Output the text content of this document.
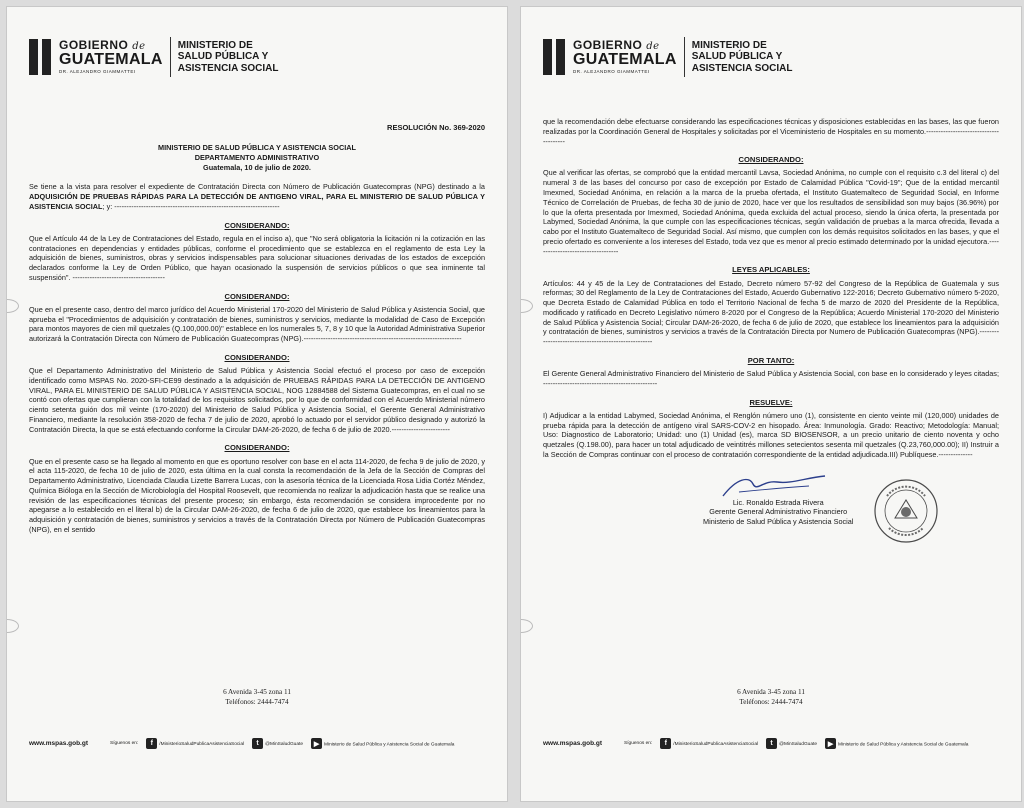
GOBIERNO de
GUATEMALA
DR. ALEJANDRO GIAMMATTEI
MINISTERIO DE
SALUD PÚBLICA Y
ASISTENCIA SOCIAL
RESOLUCIÓN No. 369-2020
MINISTERIO DE SALUD PÚBLICA Y ASISTENCIA SOCIAL
DEPARTAMENTO ADMINISTRATIVO
Guatemala, 10 de julio de 2020.
Se tiene a la vista para resolver el expediente de Contratación Directa con Número de Publicación Guatecompras (NPG) destinado a la ADQUISICIÓN DE PRUEBAS RÁPIDAS PARA LA DETECCIÓN DE ANTIGENO VIRAL, PARA EL MINISTERIO DE SALUD PÚBLICA Y ASISTENCIA SOCIAL; y: --------------------------------------------------------------------
CONSIDERANDO:
Que el Artículo 44 de la Ley de Contrataciones del Estado, regula en el inciso a), que "No será obligatoria la licitación ni la cotización en las contrataciones en dependencias y entidades públicas, conforme el procedimiento que se establezca en el reglamento de esta Ley la adquisición de bienes, suministros, obras y servicios indispensables para solucionar situaciones derivadas de los estados de excepción declarados conforme la Ley de Orden Público, que hayan ocasionado la suspensión de servicios públicos o que sea inminente tal suspensión". --------------------------------------
CONSIDERANDO:
Que en el presente caso, dentro del marco jurídico del Acuerdo Ministerial 170-2020 del Ministerio de Salud Pública y Asistencia Social, que aprueba el "Procedimientos de adquisición y contratación de bienes, suministros y servicios, mediante la modalidad de Caso de Excepción para montos mayores de cien mil quetzales (Q.100,000.00)" establece en los numerales 5, 7, 8 y 10 que la Autoridad Administrativa Superior autorizará la Contratación Directa con Número de Publicación Guatecompras (NPG).-----------------------------------------------------------------
CONSIDERANDO:
Que el Departamento Administrativo del Ministerio de Salud Pública y Asistencia Social efectuó el proceso por caso de excepción identificado como MSPAS No. 2020-SFI-CE99 destinado a la adquisición de PRUEBAS RÁPIDAS PARA LA DETECCIÓN DE ANTIGENO VIRAL, PARA EL MINISTERIO DE SALUD PÚBLICA Y ASISTENCIA SOCIAL, NOG 12884588 del Sistema Guatecompras, en el cual no se contó con ofertas que cumplieran con la totalidad de los requisitos solicitados, por lo que de conformidad con el Acuerdo Ministerial número ciento setenta guión dos mil veinte (170-2020) del Ministerio de Salud Pública y Asistencia Social, el Gerente General Administrativo Financiero, mediante la resolución 358-2020 de fecha 7 de julio de 2020, aprobó lo actuado por el servidor público designado y autorizó la Contratación Directa, la que se está efectuando conforme la Circular DAM-26-2020, de fecha 6 de julio de 2020.------------------------
CONSIDERANDO:
Que en el presente caso se ha llegado al momento en que es oportuno resolver con base en el acta 114-2020, de fecha 9 de julio de 2020, y el acta 115-2020, de fecha 10 de julio de 2020, esta última en la cual consta la recomendación de la Jefa de la Sección de Compras del Departamento Administrativo, Licenciada Claudia Lizette Barrera Lucas, con la asesoría técnica de la Licenciada Rosa Lidia Cortéz Méndez, Química Bióloga en la Sección de Microbiología del Hospital Roosevelt, que recomienda no realizar la adjudicación hasta que se realice una revisión de las especificaciones técnicas del presente proceso; sin embargo, ésta recomendación se considera improcedente por no apegarse a lo establecido en el literal b) de la Circular DAM-26-2020, de fecha 6 de julio de 2020, que establece los lineamientos para la adquisición y contratación de bienes, suministros y servicios a través de la Contratación Directa por Número de Publicación Guatecompras (NPG), en el sentido
6 Avenida 3-45 zona 11
Teléfonos: 2444-7474
www.mspas.gob.gt	Síguenos en:	f /MinisterioSaludPublicaAsistenciaSocial	t @MinSaludGuate	▶ Ministerio de Salud Pública y Asistencia Social de Guatemala
GOBIERNO de
GUATEMALA
DR. ALEJANDRO GIAMMATTEI
MINISTERIO DE
SALUD PÚBLICA Y
ASISTENCIA SOCIAL
que la recomendación debe efectuarse considerando las especificaciones técnicas y disposiciones establecidas en las bases, las que fueron realizadas por la Coordinación General de Hospitales y solicitadas por el Viceministerio de Hospitales en su momento.---------------------------------------
CONSIDERANDO:
Que al verificar las ofertas, se comprobó que la entidad mercantil Lavsa, Sociedad Anónima, no cumple con el requisito c.3 del literal c) del numeral 3 de las bases del concurso por caso de excepción por Estado de Calamidad Pública "Covid-19"; Que de la entidad mercantil Imexmed, Sociedad Anónima, en relación a la marca de la prueba ofertada, el Instituto Guatemalteco de Seguridad Social, en Informe Técnico de Correlación de Pruebas, de fecha 30 de junio de 2020, hace ver que los resultados de sensibilidad son muy bajos (36.96%) por lo que la oferta presentada por Imexmed, Sociedad Anónima, queda excluida del actual proceso, siendo la única oferta, la presentada por Labymed, Sociedad Anónima, la que cumple con las especificaciones técnicas, según validación de pruebas a la marca ofrecida, llevada a cabo por el Instituto Guatemalteco de Seguridad Social. Así mismo, que cumplen con los demás requisitos solicitados en las bases, y que el precio ofertado es conveniente a los intereses del Estado, toda vez que es menor al precio estimado determinado por la unidad ejecutora.-----------------------------------
LEYES APLICABLES:
Artículos: 44 y 45 de la Ley de Contrataciones del Estado, Decreto número 57-92 del Congreso de la República de Guatemala y sus reformas; 30 del Reglamento de la Ley de Contrataciones del Estado, Acuerdo Gubernativo 122-2016; Decreto Gubernativo número 5-2020, que Decreta Estado de Calamidad Pública en todo el Territorio Nacional de fecha 5 de marzo de 2020 del Presidente de la República, modificado y ratificado en Decreto Legislativo número 8-2020 por el Congreso de la República; Acuerdo Ministerial 170-2020 del Ministerio de Salud Pública y Asistencia Social; Circular DAM-26-2020, de fecha 6 de julio de 2020, que establece los lineamientos para la adquisición y contratación de bienes, suministros y servicios a través de la Contratación Directa por Numero de Publicación Guatecompras (NPG).-----------------------------------------------------
POR TANTO:
El Gerente General Administrativo Financiero del Ministerio de Salud Pública y Asistencia Social, con base en lo considerado y leyes citadas; -----------------------------------------------
RESUELVE:
I) Adjudicar a la entidad Labymed, Sociedad Anónima, el Renglón número uno (1), consistente en ciento veinte mil (120,000) unidades de prueba rápida para la detección de antígeno viral SARS-COV-2 en hisopado. Área: Inmunología. Grado: Reactivo; Metodología: Manual; Uso: Diagnostico de Laboratorio; Unidad: uno (1) Unidad (es), marca SD BIOSENSOR, a un precio unitario de ciento noventa y ocho quetzales (Q.198.00), para hacer un total adjudicado de veintitrés millones setecientos sesenta mil quetzales (Q.23,760,000.00); II) Instruir a la Sección de Compras continuar con el proceso de contratación correspondiente de la entidad adjudicada.III) Publíquese.--------------
Lic. Ronaldo Estrada Rivera
Gerente General Administrativo Financiero
Ministerio de Salud Pública y Asistencia Social
6 Avenida 3-45 zona 11
Teléfonos: 2444-7474
www.mspas.gob.gt	Síguenos en:	f /MinisterioSaludPublicaAsistenciaSocial	t @MinSaludGuate	▶ Ministerio de Salud Pública y Asistencia Social de Guatemala
